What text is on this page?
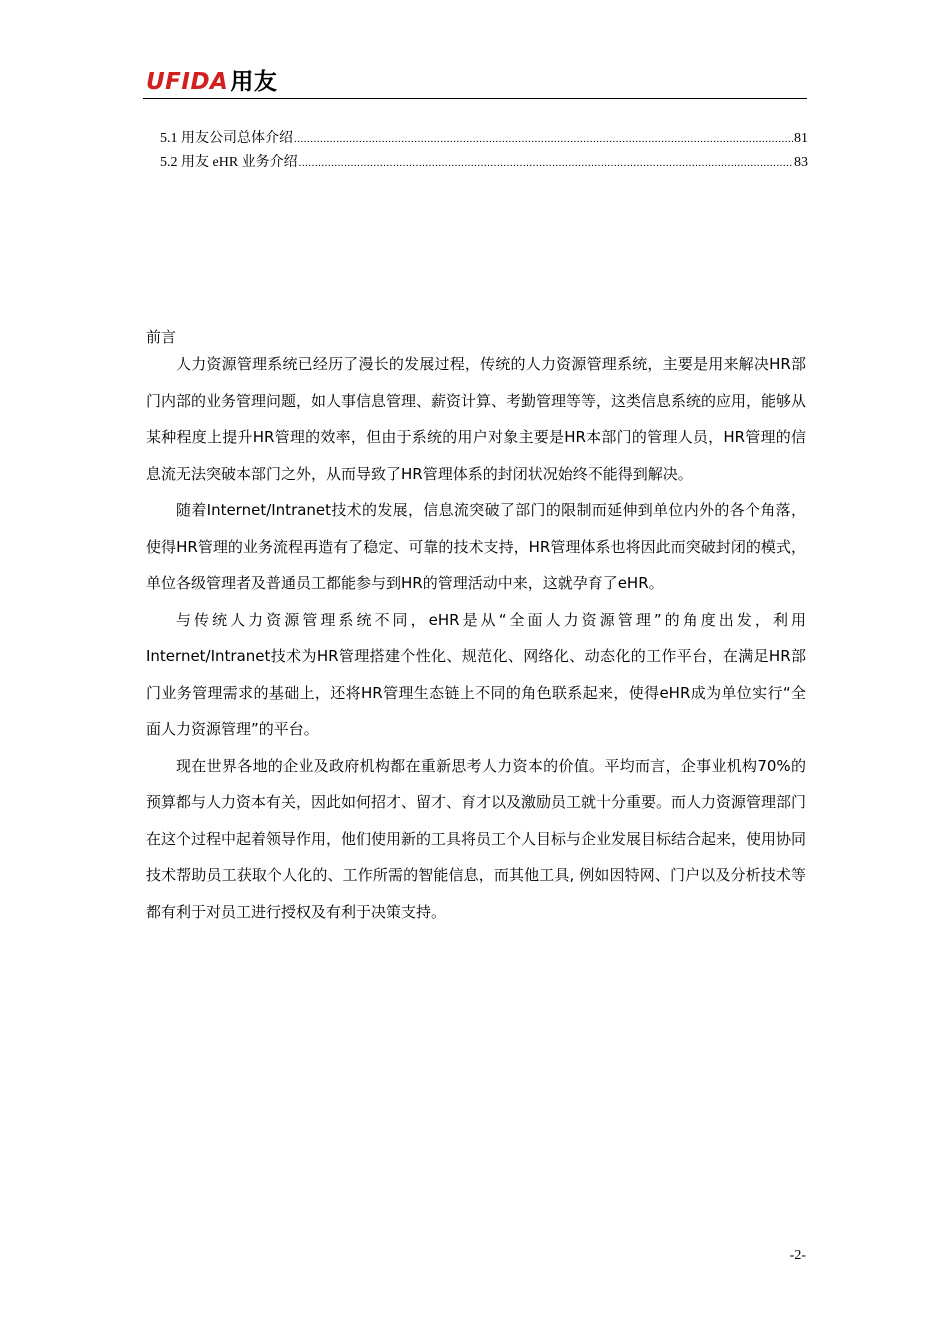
UFIDA用友
5.1 用友公司总体介绍 .....	81
5.2 用友 eHR 业务介绍 .....	83
前言

人力资源管理系统已经历了漫长的发展过程，传统的人力资源管理系统，主要是用来解决HR部门内部的业务管理问题，如人事信息管理、薪资计算、考勤管理等等，这类信息系统的应用，能够从某种程度上提升HR管理的效率，但由于系统的用户对象主要是HR本部门的管理人员，HR管理的信息流无法突破本部门之外，从而导致了HR管理体系的封闭状况始终不能得到解决。

随着Internet/Intranet技术的发展，信息流突破了部门的限制而延伸到单位内外的各个角落，使得HR管理的业务流程再造有了稳定、可靠的技术支持，HR管理体系也将因此而突破封闭的模式，单位各级管理者及普通员工都能参与到HR的管理活动中来，这就孕育了eHR。

与传统人力资源管理系统不同，eHR是从“全面人力资源管理”的角度出发，利用Internet/Intranet技术为HR管理搭建个性化、规范化、网络化、动态化的工作平台，在满足HR部门业务管理需求的基础上，还将HR管理生态链上不同的角色联系起来，使得eHR成为单位实行“全面人力资源管理”的平台。

现在世界各地的企业及政府机构都在重新思考人力资本的价值。平均而言，企事业机构70%的预算都与人力资本有关，因此如何招才、留才、育才以及激励员工就十分重要。而人力资源管理部门在这个过程中起着领导作用，他们使用新的工具将员工个人目标与企业发展目标结合起来，使用协同技术帮助员工获取个人化的、工作所需的智能信息，而其他工具, 例如因特网、门户以及分析技术等都有利于对员工进行授权及有利于决策支持。

-2-
